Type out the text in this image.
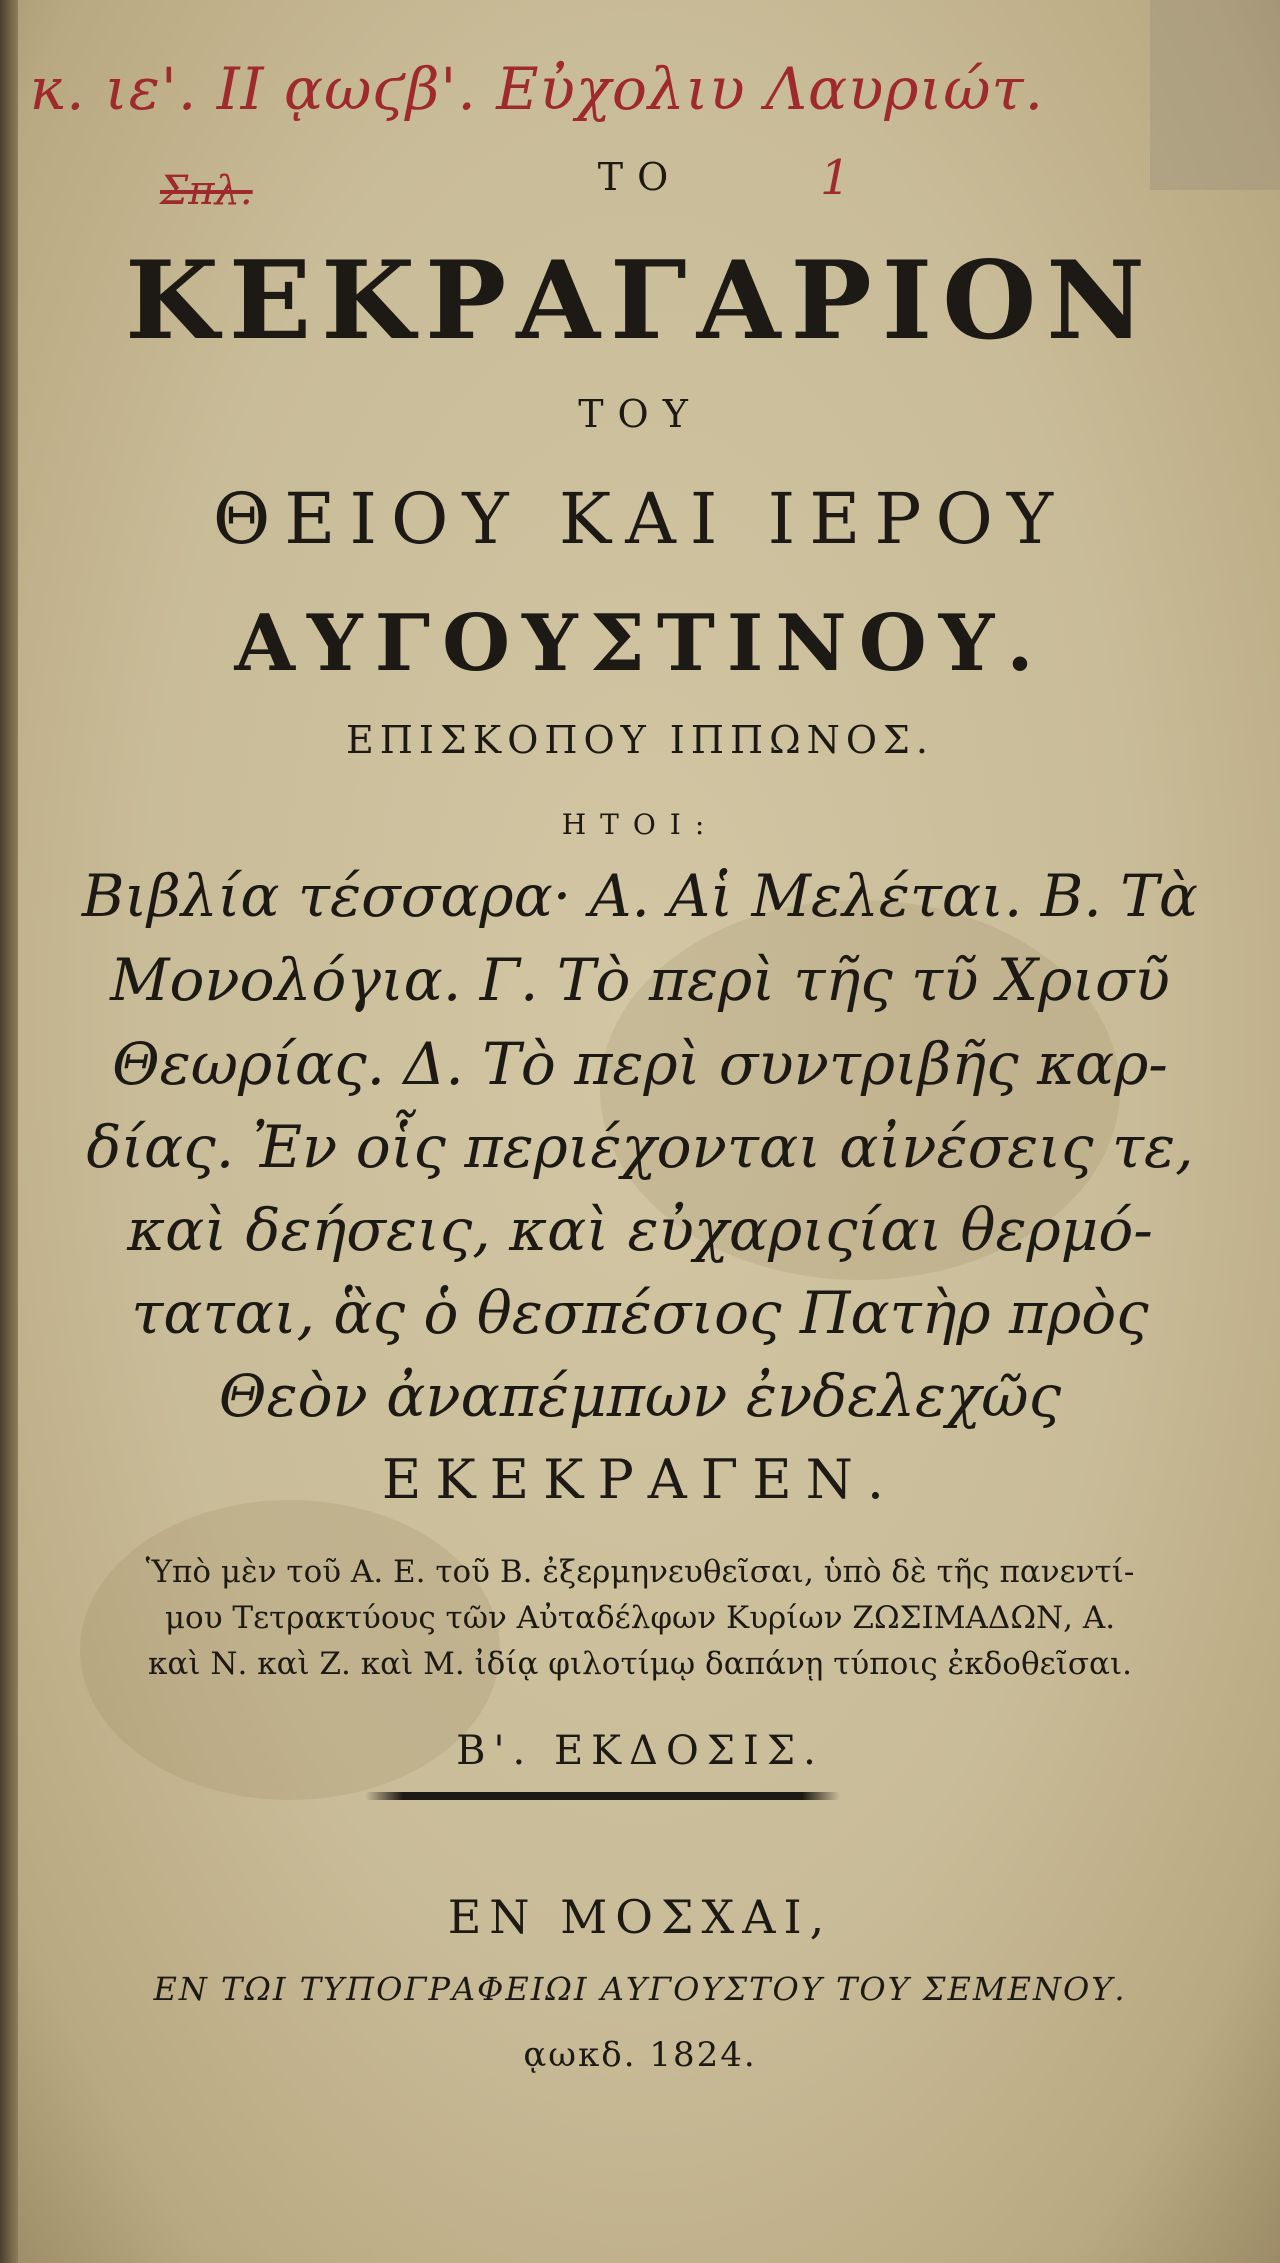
ĸ. ιε'. II ᾳωϛβ'. Εὐχολιυ Λαυριώτ.
Σπλ.	1
ΤΟ
ΚΕΚΡΑΓΑΡΙΟΝ
ΤΟΥ
ΘΕΙΟΥ ΚΑΙ ΙΕΡΟΥ
ΑΥΓΟΥΣΤΙΝΟΥ.
ΕΠΙΣΚΟΠΟΥ ΙΠΠΩΝΟΣ.
ΗΤΟΙ:
Βιβλία τέσσαρα· Α. Αἱ Μελέται. Β. Τὰ
Μονολόγια. Γ. Τὸ περὶ τῆς τῦ Χρισῦ
Θεωρίας. Δ. Τὸ περὶ συντριβῆς καρ-
δίας. Ἐν οἷς περιέχονται αἰνέσεις τε,
καὶ δεήσεις, καὶ εὐχαριςίαι θερμό-
ταται, ἃς ὁ θεσπέσιος Πατὴρ πρὸς
Θεὸν ἀναπέμπων ἐνδελεχῶς
ΕΚΕΚΡΑΓΕΝ.
Ὑπὸ μὲν τοῦ Α. Ε. τοῦ Β. ἐξερμηνευθεῖσαι, ὑπὸ δὲ τῆς πανεντί-
μου Τετρακτύους τῶν Αὐταδέλφων Κυρίων ΖΩΣΙΜΑΔΩΝ, Α.
καὶ Ν. καὶ Ζ. καὶ Μ. ἰδίᾳ φιλοτίμῳ δαπάνῃ τύποις ἐκδοθεῖσαι.
Β'. ΕΚΔΟΣΙΣ.
ΕΝ ΜΟΣΧΑΙ,
ΕΝ ΤΩΙ ΤΥΠΟΓΡΑΦΕΙΩΙ ΑΥΓΟΥΣΤΟΥ ΤΟΥ ΣΕΜΕΝΟΥ.
ᾳωκδ. 1824.
